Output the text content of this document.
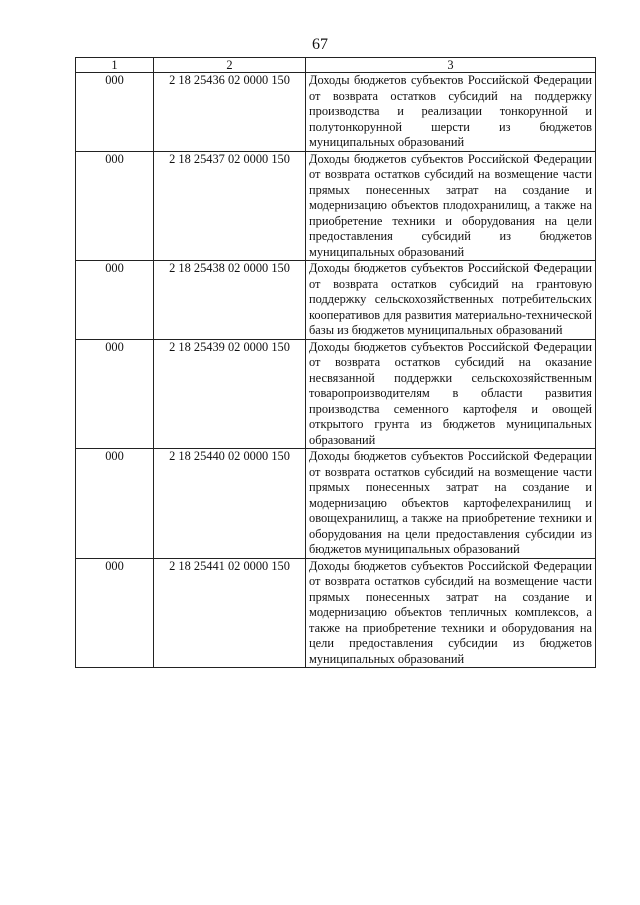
67
1	2	3
000	2 18 25436 02 0000 150	Доходы бюджетов субъектов Российской Федерации от возврата остатков субсидий на поддержку производства и реализации тонкорунной и полутонкорунной шерсти из бюджетов муниципальных образований
000	2 18 25437 02 0000 150	Доходы бюджетов субъектов Российской Федерации от возврата остатков субсидий на возмещение части прямых понесенных затрат на создание и модернизацию объектов плодохранилищ, а также на приобретение техники и оборудования на цели предоставления субсидий из бюджетов муниципальных образований
000	2 18 25438 02 0000 150	Доходы бюджетов субъектов Российской Федерации от возврата остатков субсидий на грантовую поддержку сельскохозяйственных потребительских кооперативов для развития материально-технической базы из бюджетов муниципальных образований
000	2 18 25439 02 0000 150	Доходы бюджетов субъектов Российской Федерации от возврата остатков субсидий на оказание несвязанной поддержки сельскохозяйственным товаропроизводителям в области развития производства семенного картофеля и овощей открытого грунта из бюджетов муниципальных образований
000	2 18 25440 02 0000 150	Доходы бюджетов субъектов Российской Федерации от возврата остатков субсидий на возмещение части прямых понесенных затрат на создание и модернизацию объектов картофелехранилищ и овощехранилищ, а также на приобретение техники и оборудования на цели предоставления субсидии из бюджетов муниципальных образований
000	2 18 25441 02 0000 150	Доходы бюджетов субъектов Российской Федерации от возврата остатков субсидий на возмещение части прямых понесенных затрат на создание и модернизацию объектов тепличных комплексов, а также на приобретение техники и оборудования на цели предоставления субсидии из бюджетов муниципальных образований
